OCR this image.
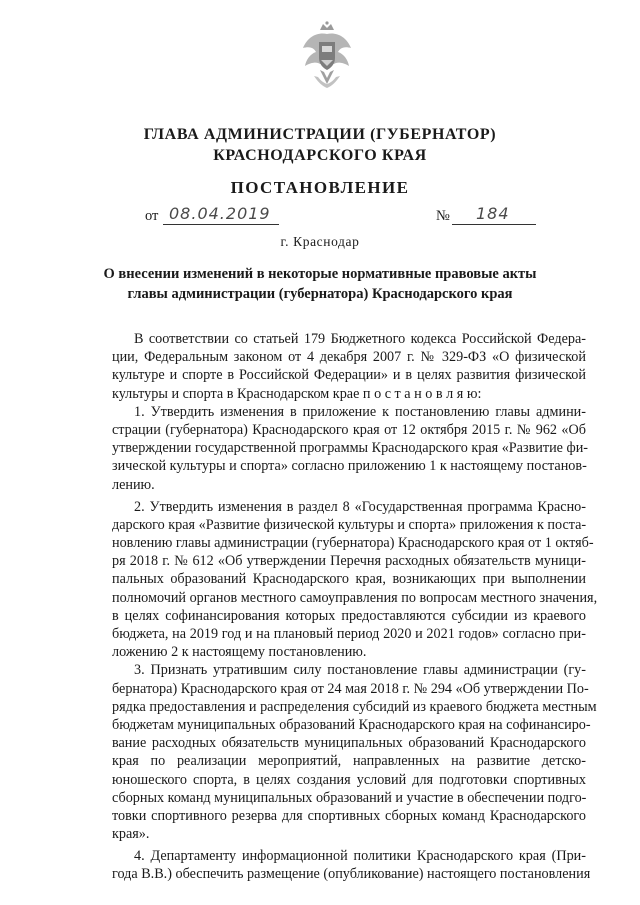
ГЛАВА АДМИНИСТРАЦИИ (ГУБЕРНАТОР)
КРАСНОДАРСКОГО КРАЯ
ПОСТАНОВЛЕНИЕ
от 08.04.2019	№ 184
г. Краснодар
О внесении изменений в некоторые нормативные правовые акты
главы администрации (губернатора) Краснодарского края
В соответствии со статьей 179 Бюджетного кодекса Российской Федера-
ции, Федеральным законом от 4 декабря 2007 г. № 329-ФЗ «О физической
культуре и спорте в Российской Федерации» и в целях развития физической
культуры и спорта в Краснодарском крае п о с т а н о в л я ю:
1. Утвердить изменения в приложение к постановлению главы админи-
страции (губернатора) Краснодарского края от 12 октября 2015 г. № 962 «Об
утверждении государственной программы Краснодарского края «Развитие фи-
зической культуры и спорта» согласно приложению 1 к настоящему постанов-
лению.
2. Утвердить изменения в раздел 8 «Государственная программа Красно-
дарского края «Развитие физической культуры и спорта» приложения к поста-
новлению главы администрации (губернатора) Краснодарского края от 1 октяб-
ря 2018 г. № 612 «Об утверждении Перечня расходных обязательств муници-
пальных образований Краснодарского края, возникающих при выполнении
полномочий органов местного самоуправления по вопросам местного значения,
в целях софинансирования которых предоставляются субсидии из краевого
бюджета, на 2019 год и на плановый период 2020 и 2021 годов» согласно при-
ложению 2 к настоящему постановлению.
3. Признать утратившим силу постановление главы администрации (гу-
бернатора) Краснодарского края от 24 мая 2018 г. № 294 «Об утверждении По-
рядка предоставления и распределения субсидий из краевого бюджета местным
бюджетам муниципальных образований Краснодарского края на софинансиро-
вание расходных обязательств муниципальных образований Краснодарского
края по реализации мероприятий, направленных на развитие детско-
юношеского спорта, в целях создания условий для подготовки спортивных
сборных команд муниципальных образований и участие в обеспечении подго-
товки спортивного резерва для спортивных сборных команд Краснодарского
края».
4. Департаменту информационной политики Краснодарского края (При-
года В.В.) обеспечить размещение (опубликование) настоящего постановления
